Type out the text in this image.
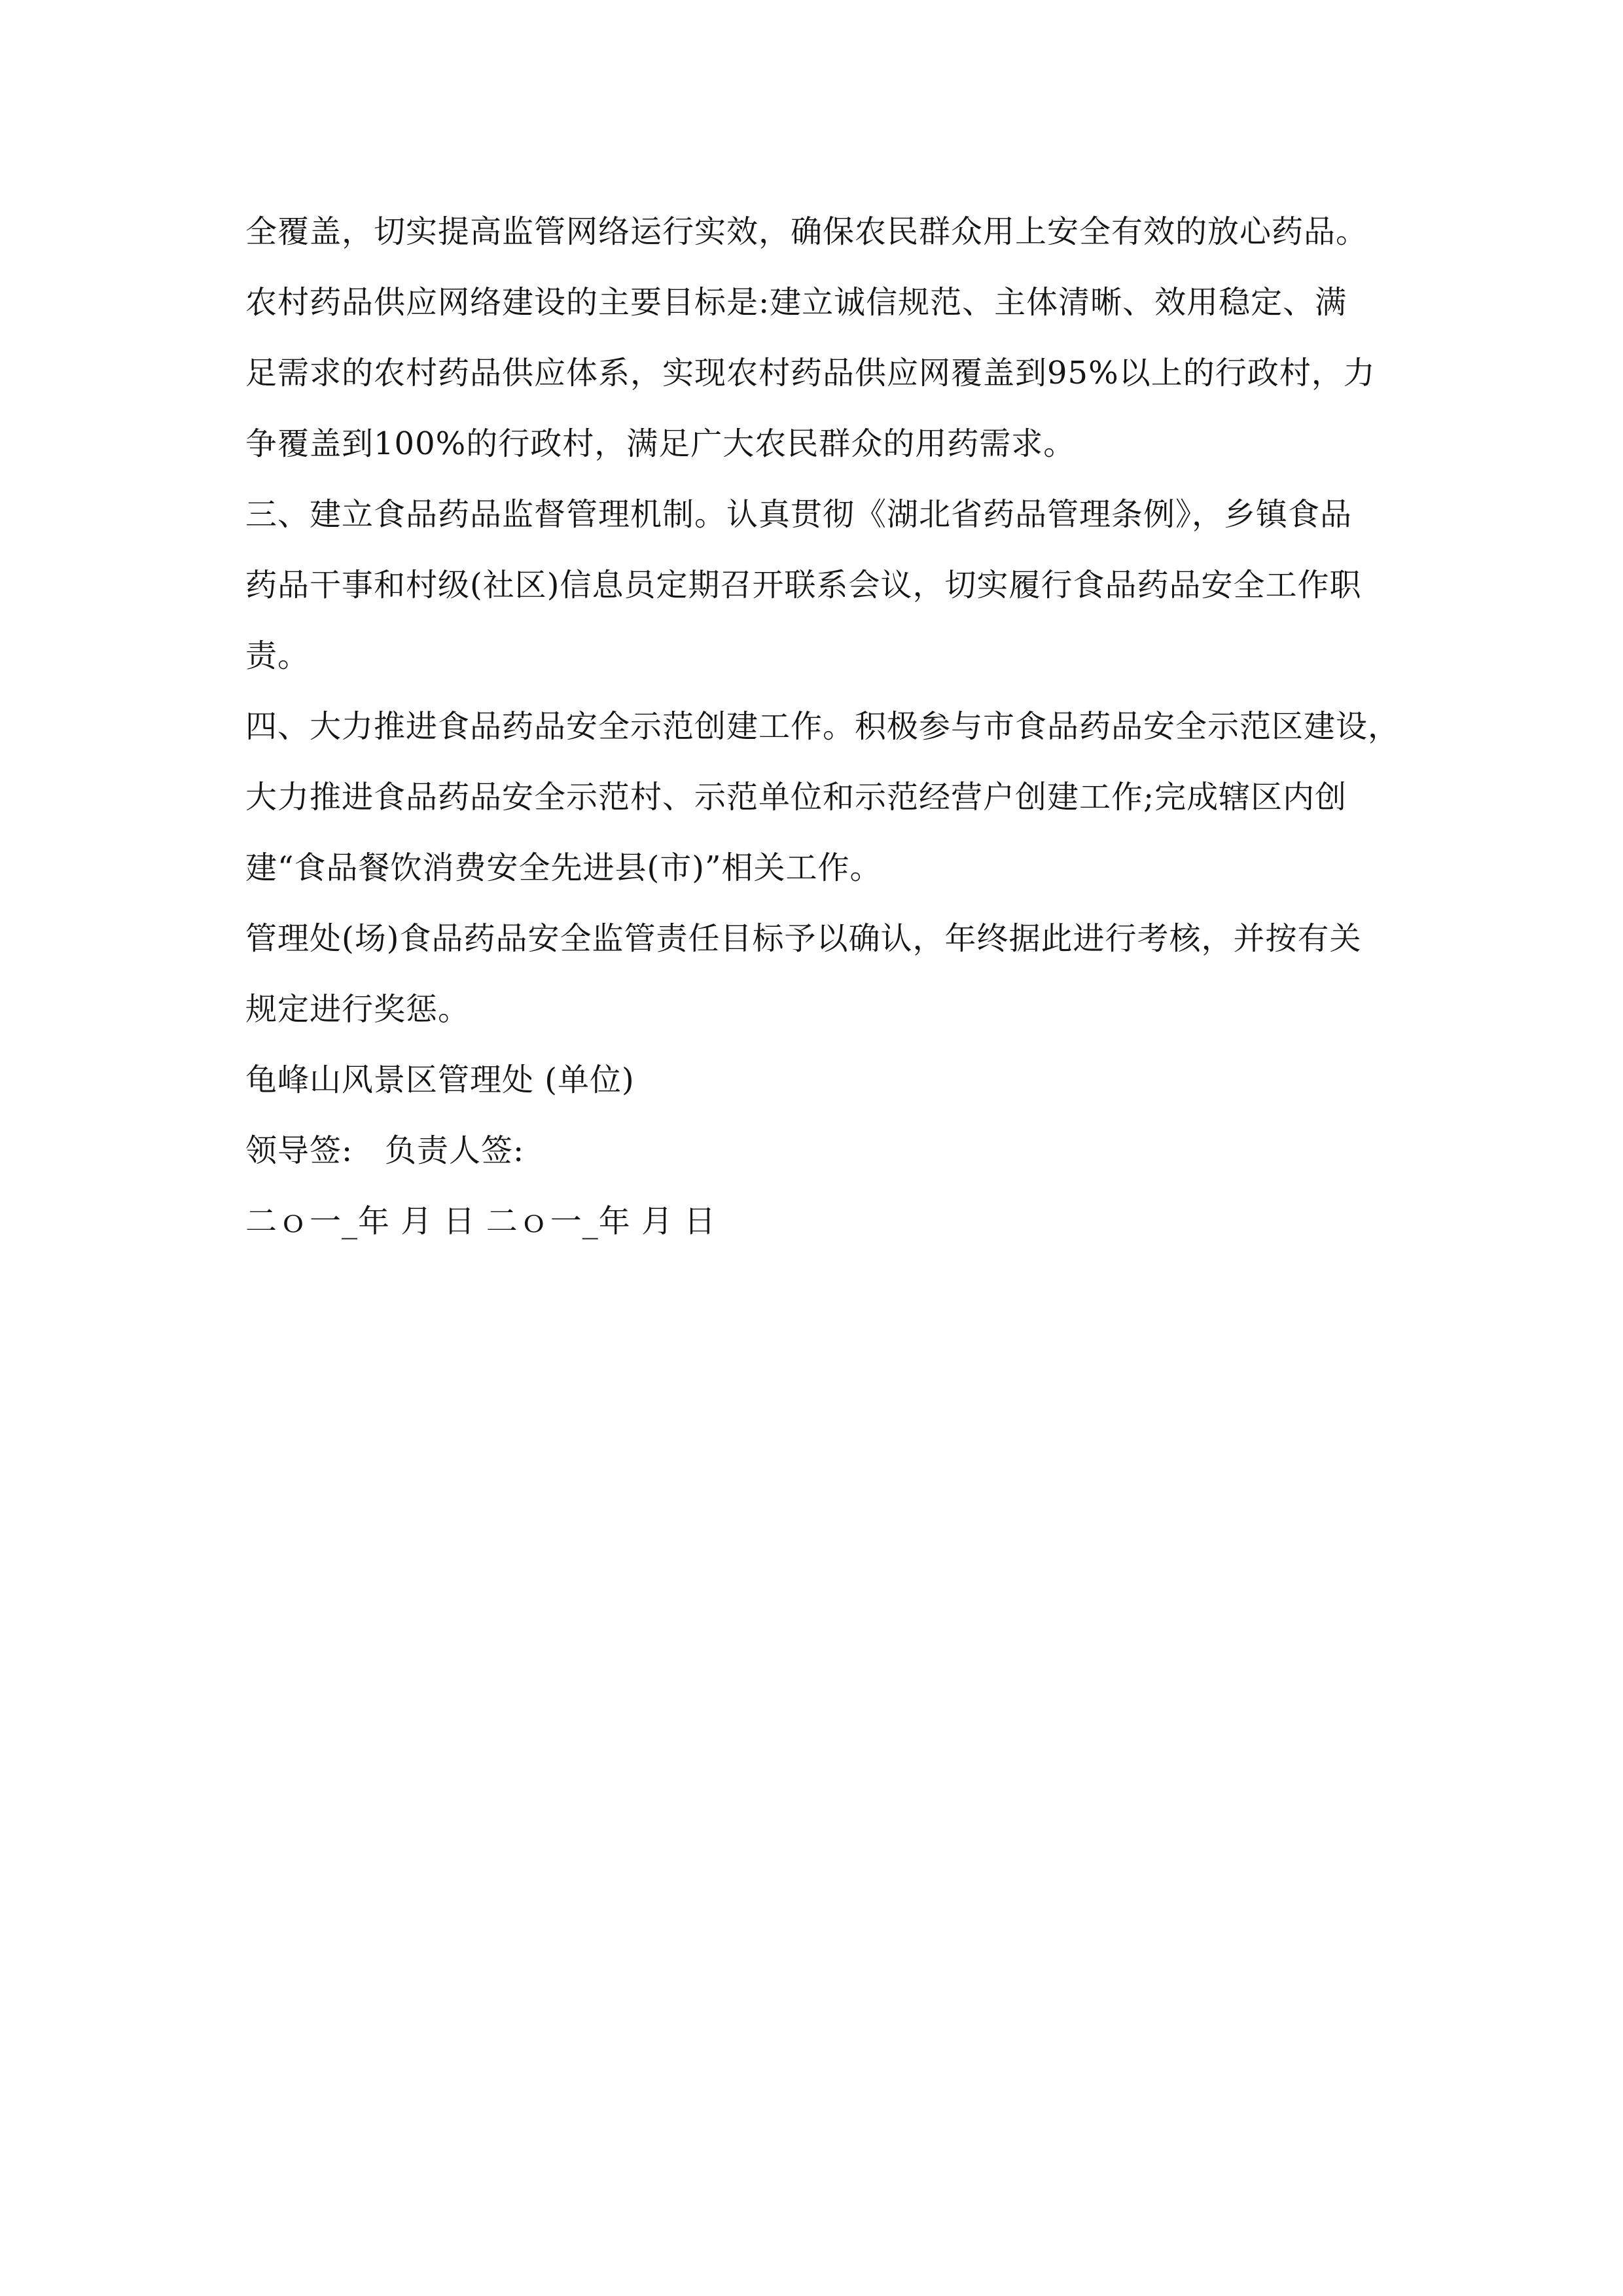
全覆盖，切实提高监管网络运行实效，确保农民群众用上安全有效的放心药品。
农村药品供应网络建设的主要目标是:建立诚信规范、主体清晰、效用稳定、满
足需求的农村药品供应体系，实现农村药品供应网覆盖到95%以上的行政村，力
争覆盖到100%的行政村，满足广大农民群众的用药需求。
三、建立食品药品监督管理机制。认真贯彻《湖北省药品管理条例》，乡镇食品
药品干事和村级(社区)信息员定期召开联系会议，切实履行食品药品安全工作职
责。
四、大力推进食品药品安全示范创建工作。积极参与市食品药品安全示范区建设，
大力推进食品药品安全示范村、示范单位和示范经营户创建工作;完成辖区内创
建“食品餐饮消费安全先进县(市)”相关工作。
管理处(场)食品药品安全监管责任目标予以确认，年终据此进行考核，并按有关
规定进行奖惩。
龟峰山风景区管理处 (单位)
领导签:   负责人签:
二ｏ一_年 月 日 二ｏ一_年 月 日
